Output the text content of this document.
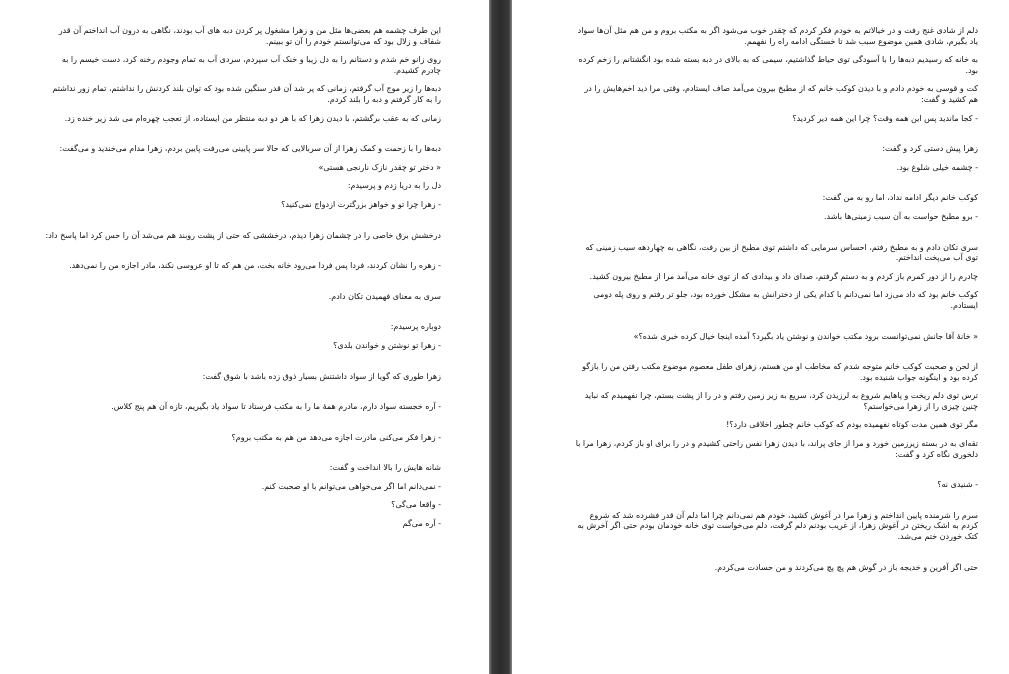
این طرف چشمه هم بعضی‌ها مثل من و زهرا مشغول پر کردن دبه های آب بودند، نگاهی به درون آب انداختم آن قدر شفاف و زلال بود که می‌توانستم خودم را آن تو ببینم.

روی زانو خم شدم و دستانم را به دل زیبا و خنک آب سپردم، سردی آب به تمام وجودم رخنه کرد، دست خیسم را به چادرم کشیدم.

دبه‌ها را زیر موج آب گرفتم، زمانی که پر شد آن قدر سنگین شده بود که توان بلند کردنش را نداشتم، تمام زور نداشتم را به کار گرفتم و دبه را بلند کردم.

زمانی که به عقب برگشتم، با دیدن زهرا که با هر دو دبه منتظر من ایستاده، از تعجب چهره‌ام می شد زیر خنده زد.

دبه‌ها را با زحمت و کمک زهرا از آن سربالایی که حالا سر پایینی می‌رفت پایین بردم، زهرا مدام می‌خندید و می‌گفت:

« دختر تو چقدر نازک نارنجی هستی»

دل را به دریا زدم و پرسیدم:

- زهرا چرا تو و خواهر بزرگترت ازدواج نمی‌کنید؟

درخشش برق خاصی را در چشمان زهرا دیدم، درخششی که حتی از پشت روبند هم می‌شد آن را حس کرد اما پاسخ داد:

- زهره را نشان کردند، فردا پس فردا می‌رود خانه بخت، من هم که تا او عروسی نکند، مادر اجازه من را نمی‌دهد.

سری به معنای فهمیدن تکان دادم.

دوباره پرسیدم:

- زهرا تو نوشتن و خواندن بلدی؟

زهرا طوری که گویا از سواد داشتنش بسیار ذوق زده باشد با شوق گفت:

- آره خجسته سواد دارم، مادرم همهٔ ما را به مکتب فرستاد تا سواد یاد بگیریم، تازه آن هم پنج کلاس.

- زهرا فکر می‌کنی مادرت اجازه می‌دهد من هم به مکتب بروم؟

شانه هایش را بالا انداخت و گفت:

- نمی‌دانم اما اگر می‌خواهی می‌توانم با او صحبت کنم.

- واقعا می‌گی؟

- آره می‌گم

دلم از شادی غنج رفت و در خیالاتم به خودم فکر کردم که چقدر خوب می‌شود اگر به مکتب بروم و من هم مثل آن‌ها سواد یاد بگیرم، شادی همین موضوع سبب شد تا خستگی ادامه راه را نفهمم.

به خانه که رسیدیم دبه‌ها را با آسودگی توی حیاط گذاشتیم، سیمی که به بالای در دبه بسته شده بود انگشتانم را زخم کرده بود.

کت و قوسی به خودم دادم و با دیدن کوکب خانم که از مطبخ بیرون می‌آمد صاف ایستادم، وقتی مرا دید اخم‌هایش را در هم کشید و گفت:

- کجا ماندید پس این همه وقت؟ چرا این همه دیر کردید؟

زهرا پیش دستی کرد و گفت:

- چشمه خیلی شلوغ بود.

کوکب خانم دیگر ادامه نداد، اما رو به من گفت:

- برو مطبخ حواست به آن سیب زمینی‌ها باشد.

سری تکان دادم و به مطبخ رفتم، احساس سرمایی که داشتم توی مطبخ از بین رفت، نگاهی به چهاردهه سیب زمینی که توی آب می‌پخت انداختم.

چادرم را از دور کمرم باز کردم و به دستم گرفتم، صدای داد و بیدادی که از توی خانه می‌آمد مرا از مطبخ بیرون کشید.

کوکب خانم بود که داد می‌زد اما نمی‌دانم با کدام یکی از دخترانش به مشکل خورده بود، جلو تر رفتم و روی پله دومی ایستادم.

« خانهٔ آقا جانش نمی‌توانست برود مکتب خواندن و نوشتن یاد بگیرد؟ آمده اینجا خیال کرده خبری شده؟»

از لحن و صحبت کوکب خانم متوجه شدم که مخاطب او من هستم، زهرای طفل معصوم موضوع مکتب رفتن من را بازگو کرده بود و اینگونه جواب شنیده بود.

ترس توی دلم ریخت و پاهایم شروع به لرزیدن کرد، سریع به زیر زمین رفتم و در را از پشت بستم، چرا نفهمیدم که نباید چنین چیزی را از زهرا می‌خواستم؟

مگر توی همین مدت کوتاه نفهمیده بودم که کوکب خانم چطور اخلاقی دارد؟!

تقه‌ای به در بسته زیرزمین خورد و مرا از جای پراند، با دیدن زهرا نفس راحتی کشیدم و در را برای او باز کردم، زهرا مرا با دلخوری نگاه کرد و گفت:

- شنیدی نه؟

سرم را شرمنده پایین انداختم و زهرا مرا در آغوش کشید، خودم هم نمی‌دانم چرا اما دلم آن قدر فشرده شد که شروع کردم به اشک ریختن در آغوش زهرا، از غریب بودنم دلم گرفت، دلم می‌خواست توی خانه خودمان بودم حتی اگر آخرش به کتک خوردن ختم می‌شد.

حتی اگر آفرین و خدیجه باز در گوش هم پچ پچ می‌کردند و من حسادت می‌کردم.
